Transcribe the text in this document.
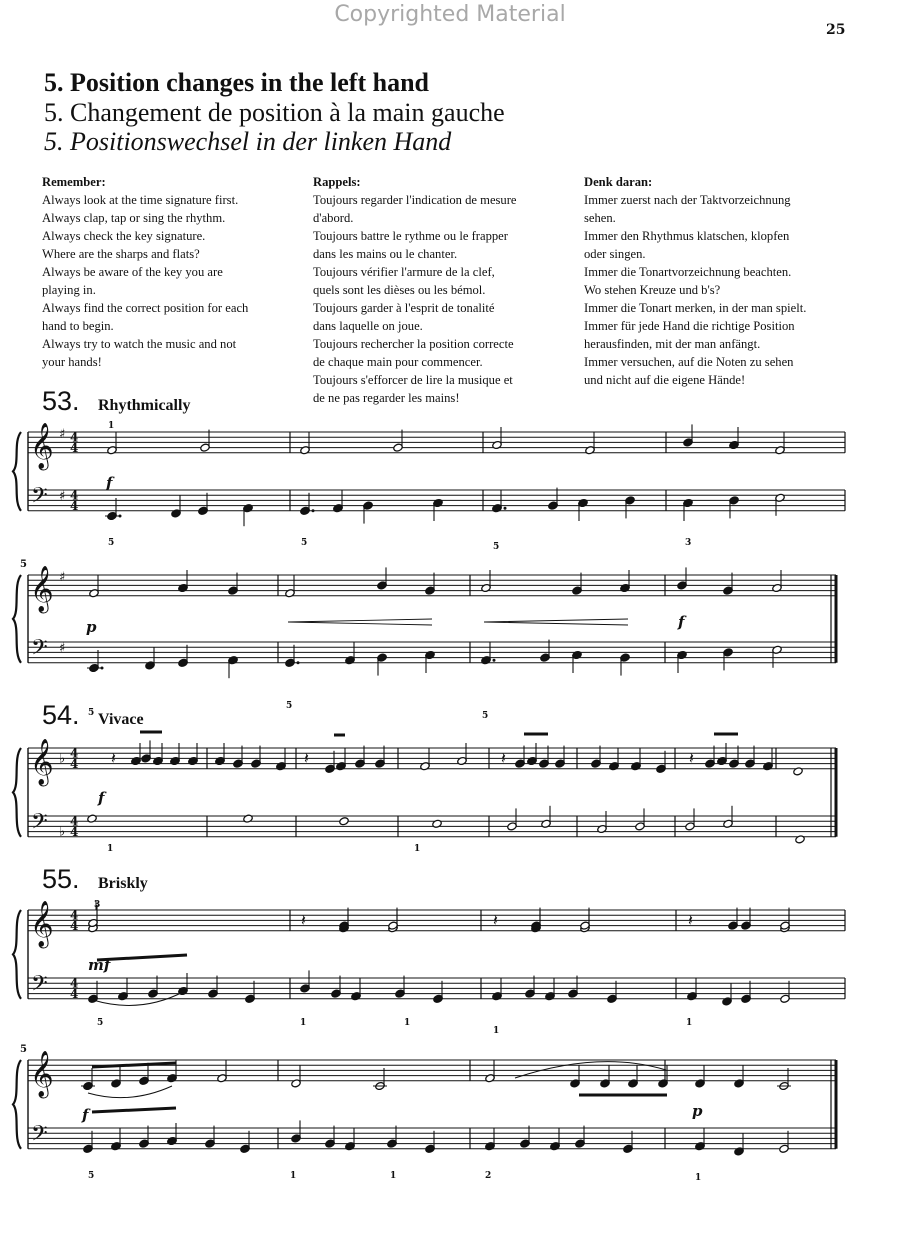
Copyrighted Material
25
5. Position changes in the left hand
5. Changement de position à la main gauche
5. Positionswechsel in der linken Hand
Remember:
Always look at the time signature first.
Always clap, tap or sing the rhythm.
Always check the key signature.
Where are the sharps and flats?
Always be aware of the key you are
playing in.
Always find the correct position for each
hand to begin.
Always try to watch the music and not
your hands!
Rappels:
Toujours regarder l'indication de mesure
d'abord.
Toujours battre le rythme ou le frapper
dans les mains ou le chanter.
Toujours vérifier l'armure de la clef,
quels sont les dièses ou les bémol.
Toujours garder à l'esprit de tonalité
dans laquelle on joue.
Toujours rechercher la position correcte
de chaque main pour commencer.
Toujours s'efforcer de lire la musique et
de ne pas regarder les mains!
Denk daran:
Immer zuerst nach der Taktvorzeichnung
sehen.
Immer den Rhythmus klatschen, klopfen
oder singen.
Immer die Tonartvorzeichnung beachten.
Wo stehen Kreuze und b's?
Immer die Tonart merken, in der man spielt.
Immer für jede Hand die richtige Position
herausfinden, mit der man anfängt.
Immer versuchen, auf die Noten zu sehen
und nicht auf die eigene Hände!
53. Rhythmically
54. Vivace
55. Briskly
𝄞
𝄢
♯
♯
4
4
4
4
1
f
5	5	5	3
𝄞
𝄢
♯
♯
5
p	f
5
5
5
𝄞
𝄢
♭
♭
4
4
4
4
𝄽	𝄽	𝄽	𝄽
f
1	1
𝄞
𝄢
4
4
4
4
𝄽	𝄽	𝄽
3
mf
5	1	1
1
1
𝄞
𝄢
5
f	p
5	1	1	2	1
